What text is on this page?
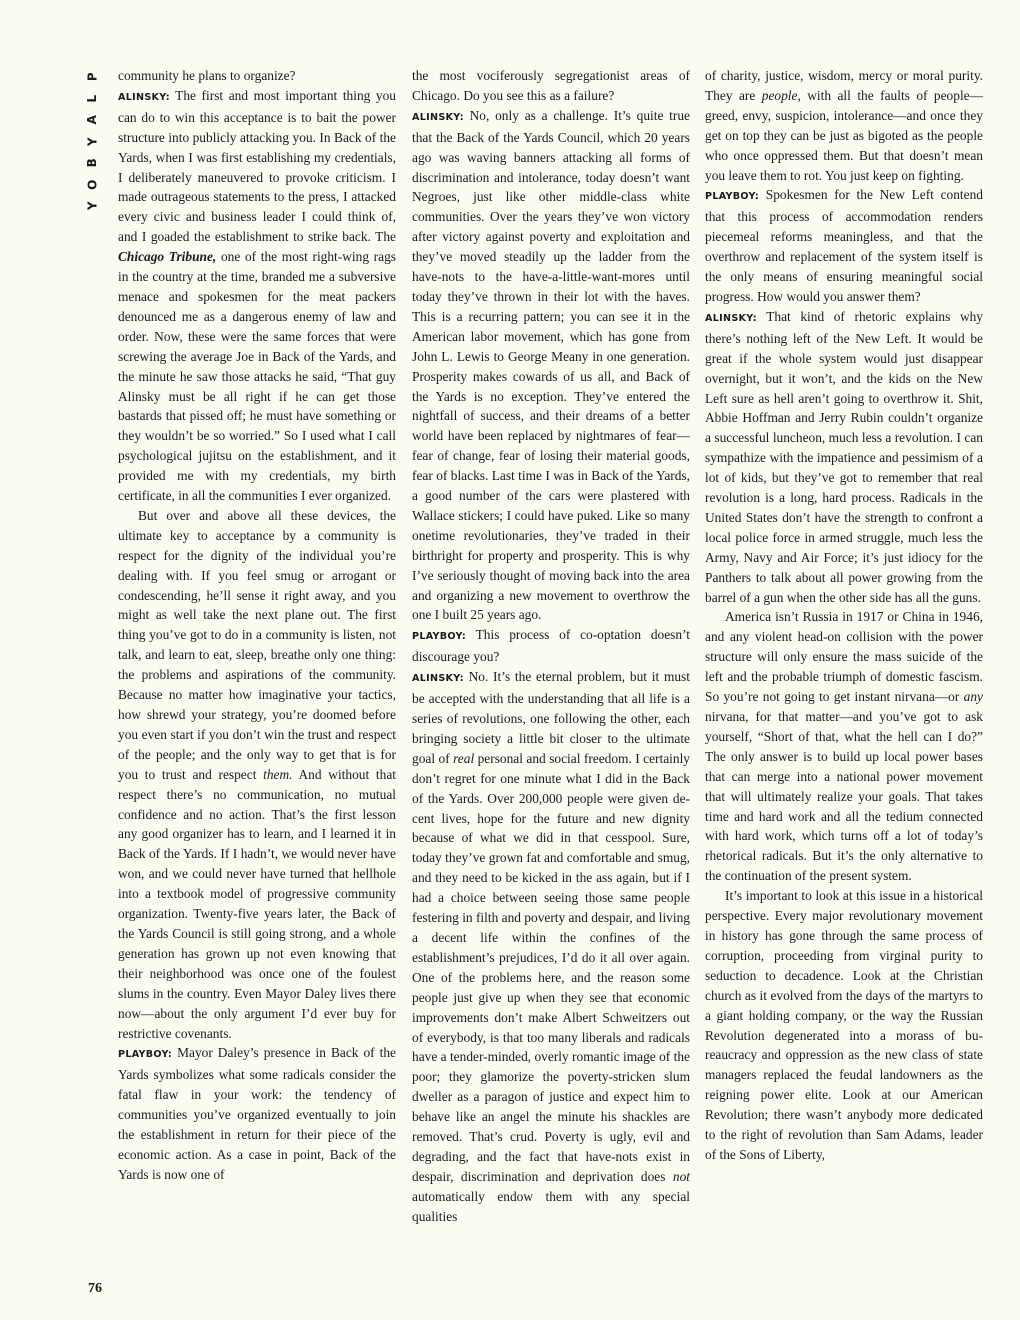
P
L
A
Y
B
O
Y
76

community he plans to organize?

ALINSKY: The first and most important thing you can do to win this acceptance is to bait the power structure into publicly attacking you. In Back of the Yards, when I was first establishing my credentials, I deliberately maneuvered to provoke criticism. I made outrageous statements to the press, I attacked every civic and business leader I could think of, and I goaded the establishment to strike back. The Chicago Tribune, one of the most right-wing rags in the country at the time, branded me a subversive menace and spokesmen for the meat packers denounced me as a dangerous enemy of law and order. Now, these were the same forces that were screwing the average Joe in Back of the Yards, and the minute he saw those attacks he said, “That guy Alinsky must be all right if he can get those bastards that pissed off; he must have something or they wouldn’t be so worried.” So I used what I call psychological jujitsu on the establishment, and it provided me with my credentials, my birth certificate, in all the communities I ever organized.

But over and above all these devices, the ultimate key to acceptance by a community is respect for the dignity of the individual you’re dealing with. If you feel smug or arrogant or condescending, he’ll sense it right away, and you might as well take the next plane out. The first thing you’ve got to do in a community is listen, not talk, and learn to eat, sleep, breathe only one thing: the problems and aspirations of the community. Because no matter how imaginative your tactics, how shrewd your strategy, you’re doomed before you even start if you don’t win the trust and respect of the people; and the only way to get that is for you to trust and respect them. And without that respect there’s no communication, no mutual confidence and no action. That’s the first lesson any good organizer has to learn, and I learned it in Back of the Yards. If I hadn’t, we would never have won, and we could never have turned that hellhole into a textbook model of progressive community organization. Twenty-five years later, the Back of the Yards Council is still going strong, and a whole generation has grown up not even knowing that their neighborhood was once one of the foulest slums in the country. Even Mayor Daley lives there now—about the only argument I’d ever buy for restrictive covenants.

PLAYBOY: Mayor Daley’s presence in Back of the Yards symbolizes what some radicals consider the fatal flaw in your work: the tendency of communities you’ve organized eventually to join the establishment in return for their piece of the economic action. As a case in point, Back of the Yards is now one of

the most vociferously segregationist areas of Chicago. Do you see this as a failure?

ALINSKY: No, only as a challenge. It’s quite true that the Back of the Yards Council, which 20 years ago was waving banners attacking all forms of discrimination and intolerance, today doesn’t want Negroes, just like other middle-class white communities. Over the years they’ve won victory after victory against poverty and exploitation and they’ve moved steadily up the ladder from the have-nots to the have-a-little-want-mores until today they’ve thrown in their lot with the haves. This is a recurring pattern; you can see it in the American labor movement, which has gone from John L. Lewis to George Meany in one generation. Prosperity makes cowards of us all, and Back of the Yards is no exception. They’ve entered the nightfall of success, and their dreams of a better world have been replaced by nightmares of fear—fear of change, fear of losing their material goods, fear of blacks. Last time I was in Back of the Yards, a good number of the cars were plastered with Wallace stickers; I could have puked. Like so many onetime revolutionaries, they’ve traded in their birthright for property and prosperity. This is why I’ve seriously thought of moving back into the area and organizing a new movement to overthrow the one I built 25 years ago.

PLAYBOY: This process of co-optation doesn’t discourage you?

ALINSKY: No. It’s the eternal problem, but it must be accepted with the understanding that all life is a series of revolutions, one following the other, each bringing society a little bit closer to the ultimate goal of real personal and social freedom. I certainly don’t regret for one minute what I did in the Back of the Yards. Over 200,000 people were given decent lives, hope for the future and new dignity because of what we did in that cesspool. Sure, today they’ve grown fat and comfortable and smug, and they need to be kicked in the ass again, but if I had a choice between seeing those same people festering in filth and poverty and despair, and living a decent life within the confines of the establishment’s prejudices, I’d do it all over again. One of the problems here, and the reason some people just give up when they see that economic improvements don’t make Albert Schweitzers out of everybody, is that too many liberals and radicals have a tender-minded, overly romantic image of the poor; they glamorize the poverty-stricken slum dweller as a paragon of justice and expect him to behave like an angel the minute his shackles are removed. That’s crud. Poverty is ugly, evil and degrading, and the fact that have-nots exist in despair, discrimination and deprivation does not automatically endow them with any special qualities

of charity, justice, wisdom, mercy or moral purity. They are people, with all the faults of people—greed, envy, suspicion, intolerance—and once they get on top they can be just as bigoted as the people who once oppressed them. But that doesn’t mean you leave them to rot. You just keep on fighting.

PLAYBOY: Spokesmen for the New Left contend that this process of accommodation renders piecemeal reforms meaningless, and that the overthrow and replacement of the system itself is the only means of ensuring meaningful social progress. How would you answer them?

ALINSKY: That kind of rhetoric explains why there’s nothing left of the New Left. It would be great if the whole system would just disappear overnight, but it won’t, and the kids on the New Left sure as hell aren’t going to overthrow it. Shit, Abbie Hoffman and Jerry Rubin couldn’t organize a successful luncheon, much less a revolution. I can sympathize with the impatience and pessimism of a lot of kids, but they’ve got to remember that real revolution is a long, hard process. Radicals in the United States don’t have the strength to confront a local police force in armed struggle, much less the Army, Navy and Air Force; it’s just idiocy for the Panthers to talk about all power growing from the barrel of a gun when the other side has all the guns.

America isn’t Russia in 1917 or China in 1946, and any violent head-on collision with the power structure will only ensure the mass suicide of the left and the probable triumph of domestic fascism. So you’re not going to get instant nirvana—or any nirvana, for that matter—and you’ve got to ask yourself, “Short of that, what the hell can I do?” The only answer is to build up local power bases that can merge into a national power movement that will ultimately realize your goals. That takes time and hard work and all the tedium connected with hard work, which turns off a lot of today’s rhetorical radicals. But it’s the only alternative to the continuation of the present system.

It’s important to look at this issue in a historical perspective. Every major revolutionary movement in history has gone through the same process of corruption, proceeding from virginal purity to seduction to decadence. Look at the Christian church as it evolved from the days of the martyrs to a giant holding company, or the way the Russian Revolution degenerated into a morass of bureaucracy and oppression as the new class of state managers replaced the feudal landowners as the reigning power elite. Look at our American Revolution; there wasn’t anybody more dedicated to the right of revolution than Sam Adams, leader of the Sons of Liberty,
